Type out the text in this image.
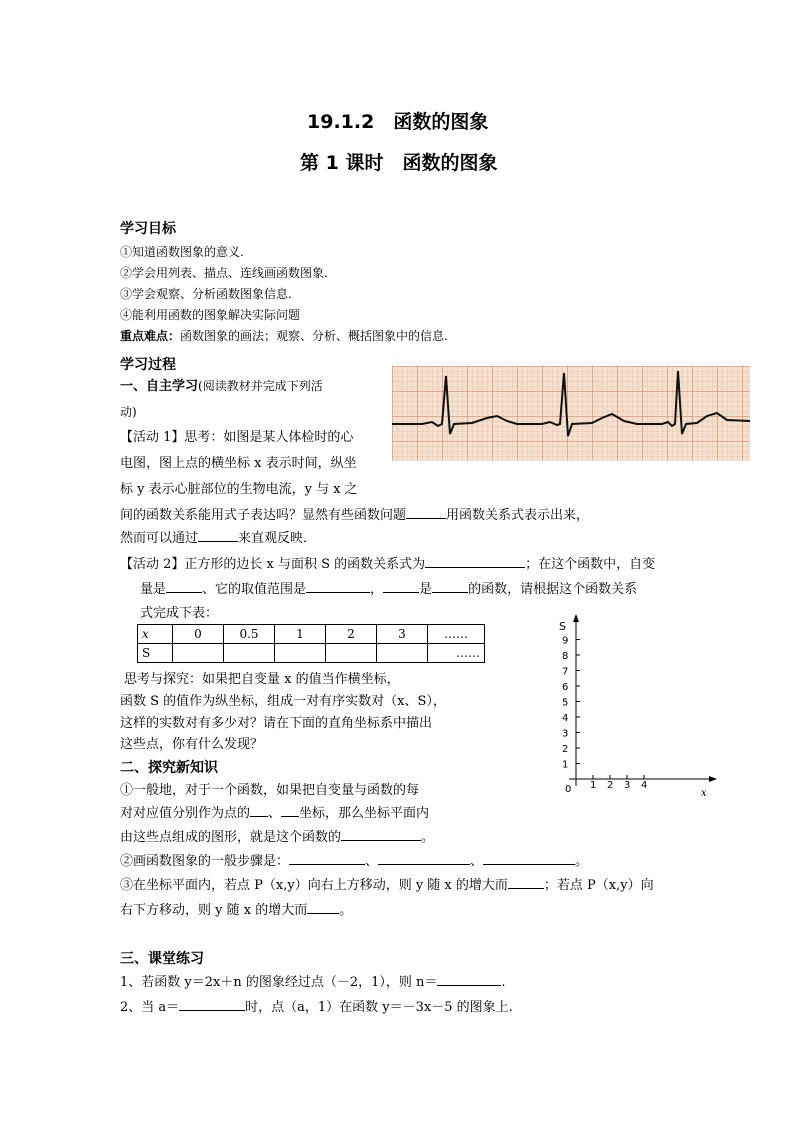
19.1.2　函数的图象
第 1 课时　函数的图象
学习目标
①知道函数图象的意义.
②学会用列表、描点、连线画函数图象.
③学会观察、分析函数图象信息.
④能利用函数的图象解决实际问题
重点难点：函数图象的画法；观察、分析、概括图象中的信息.
学习过程
一、自主学习(阅读教材并完成下列活
动)
【活动 1】思考：如图是某人体检时的心
电图，图上点的横坐标 x 表示时间，纵坐
标 y 表示心脏部位的生物电流，y 与 x 之
间的函数关系能用式子表达吗？显然有些函数问题	用函数关系式表示出来，
然而可以通过	来直观反映．
【活动 2】正方形的边长 x 与面积 S 的函数关系式为	；在这个函数中，自变
量是	、它的取值范围是	，	是	的函数，请根据这个函数关系
式完成下表：
x	0	0.5	1	2	3	……
S						……
思考与探究：如果把自变量 x 的值当作横坐标，
函数 S 的值作为纵坐标，组成一对有序实数对（x、S），
这样的实数对有多少对？请在下面的直角坐标系中描出
这些点，你有什么发现？
S
x
0
1
2
3
4
5
6
7
8
9
1 2 3 4
二、探究新知识
①一般地，对于一个函数，如果把自变量与函数的每
对对应值分别作为点的 、 坐标，那么坐标平面内
由这些点组成的图形，就是这个函数的	。
②画函数图象的一般步骤是：	、	、	。
③在坐标平面内，若点 P（x,y）向右上方移动，则 y 随 x 的增大而	；若点 P（x,y）向
右下方移动，则 y 随 x 的增大而 。
三、课堂练习
1、若函数 y＝2x＋n 的图象经过点（－2，1），则 n＝	.
2、当 a＝	时，点（a，1）在函数 y＝－3x－5 的图象上.
